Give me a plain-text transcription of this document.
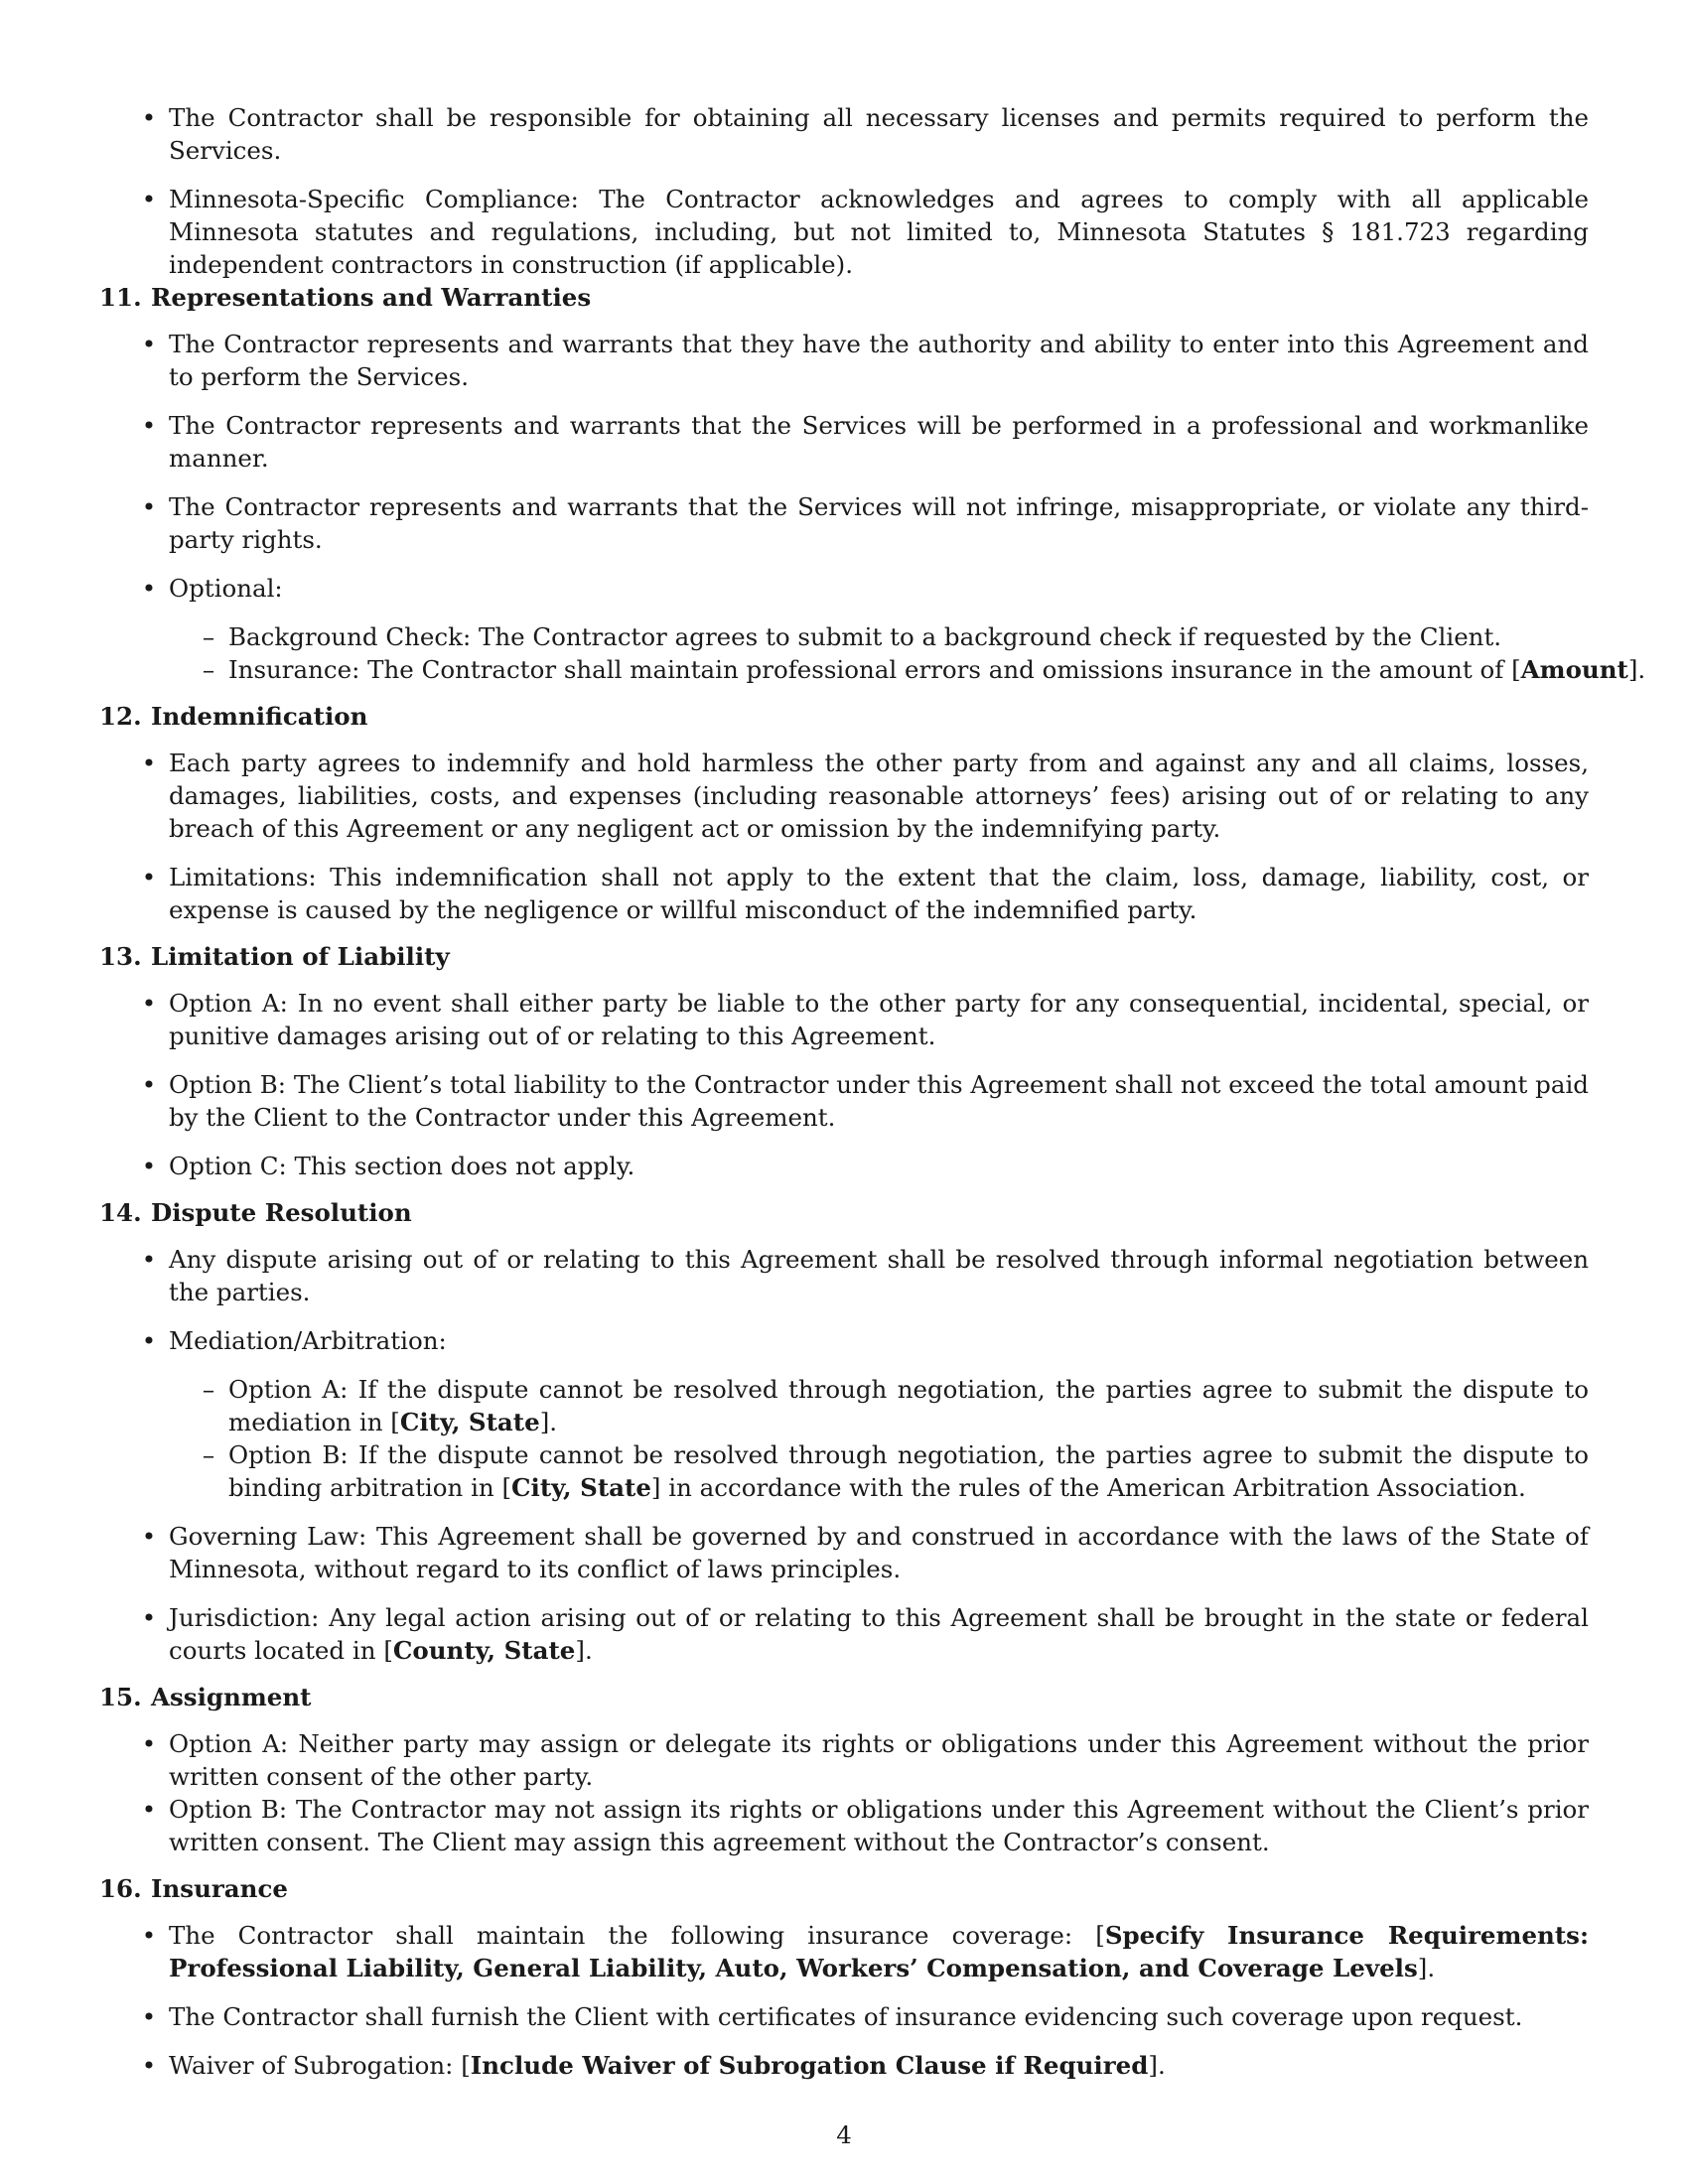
• The Contractor shall be responsible for obtaining all necessary licenses and permits required to perform the Services.
• Minnesota-Specific Compliance: The Contractor acknowledges and agrees to comply with all applicable Minnesota statutes and regulations, including, but not limited to, Minnesota Statutes § 181.723 regarding independent contractors in construction (if applicable).
11. Representations and Warranties
• The Contractor represents and warrants that they have the authority and ability to enter into this Agreement and to perform the Services.
• The Contractor represents and warrants that the Services will be performed in a professional and workmanlike manner.
• The Contractor represents and warrants that the Services will not infringe, misappropriate, or violate any third-party rights.
• Optional:
– Background Check: The Contractor agrees to submit to a background check if requested by the Client.
– Insurance: The Contractor shall maintain professional errors and omissions insurance in the amount of [Amount].
12. Indemnification
• Each party agrees to indemnify and hold harmless the other party from and against any and all claims, losses, damages, liabilities, costs, and expenses (including reasonable attorneys’ fees) arising out of or relating to any breach of this Agreement or any negligent act or omission by the indemnifying party.
• Limitations: This indemnification shall not apply to the extent that the claim, loss, damage, liability, cost, or expense is caused by the negligence or willful misconduct of the indemnified party.
13. Limitation of Liability
• Option A: In no event shall either party be liable to the other party for any consequential, incidental, special, or punitive damages arising out of or relating to this Agreement.
• Option B: The Client’s total liability to the Contractor under this Agreement shall not exceed the total amount paid by the Client to the Contractor under this Agreement.
• Option C: This section does not apply.
14. Dispute Resolution
• Any dispute arising out of or relating to this Agreement shall be resolved through informal negotiation between the parties.
• Mediation/Arbitration:
– Option A: If the dispute cannot be resolved through negotiation, the parties agree to submit the dispute to mediation in [City, State].
– Option B: If the dispute cannot be resolved through negotiation, the parties agree to submit the dispute to binding arbitration in [City, State] in accordance with the rules of the American Arbitration Association.
• Governing Law: This Agreement shall be governed by and construed in accordance with the laws of the State of Minnesota, without regard to its conflict of laws principles.
• Jurisdiction: Any legal action arising out of or relating to this Agreement shall be brought in the state or federal courts located in [County, State].
15. Assignment
• Option A: Neither party may assign or delegate its rights or obligations under this Agreement without the prior written consent of the other party.
• Option B: The Contractor may not assign its rights or obligations under this Agreement without the Client’s prior written consent. The Client may assign this agreement without the Contractor’s consent.
16. Insurance
• The Contractor shall maintain the following insurance coverage: [Specify Insurance Requirements: Professional Liability, General Liability, Auto, Workers’ Compensation, and Coverage Levels].
• The Contractor shall furnish the Client with certificates of insurance evidencing such coverage upon request.
• Waiver of Subrogation: [Include Waiver of Subrogation Clause if Required].
4
